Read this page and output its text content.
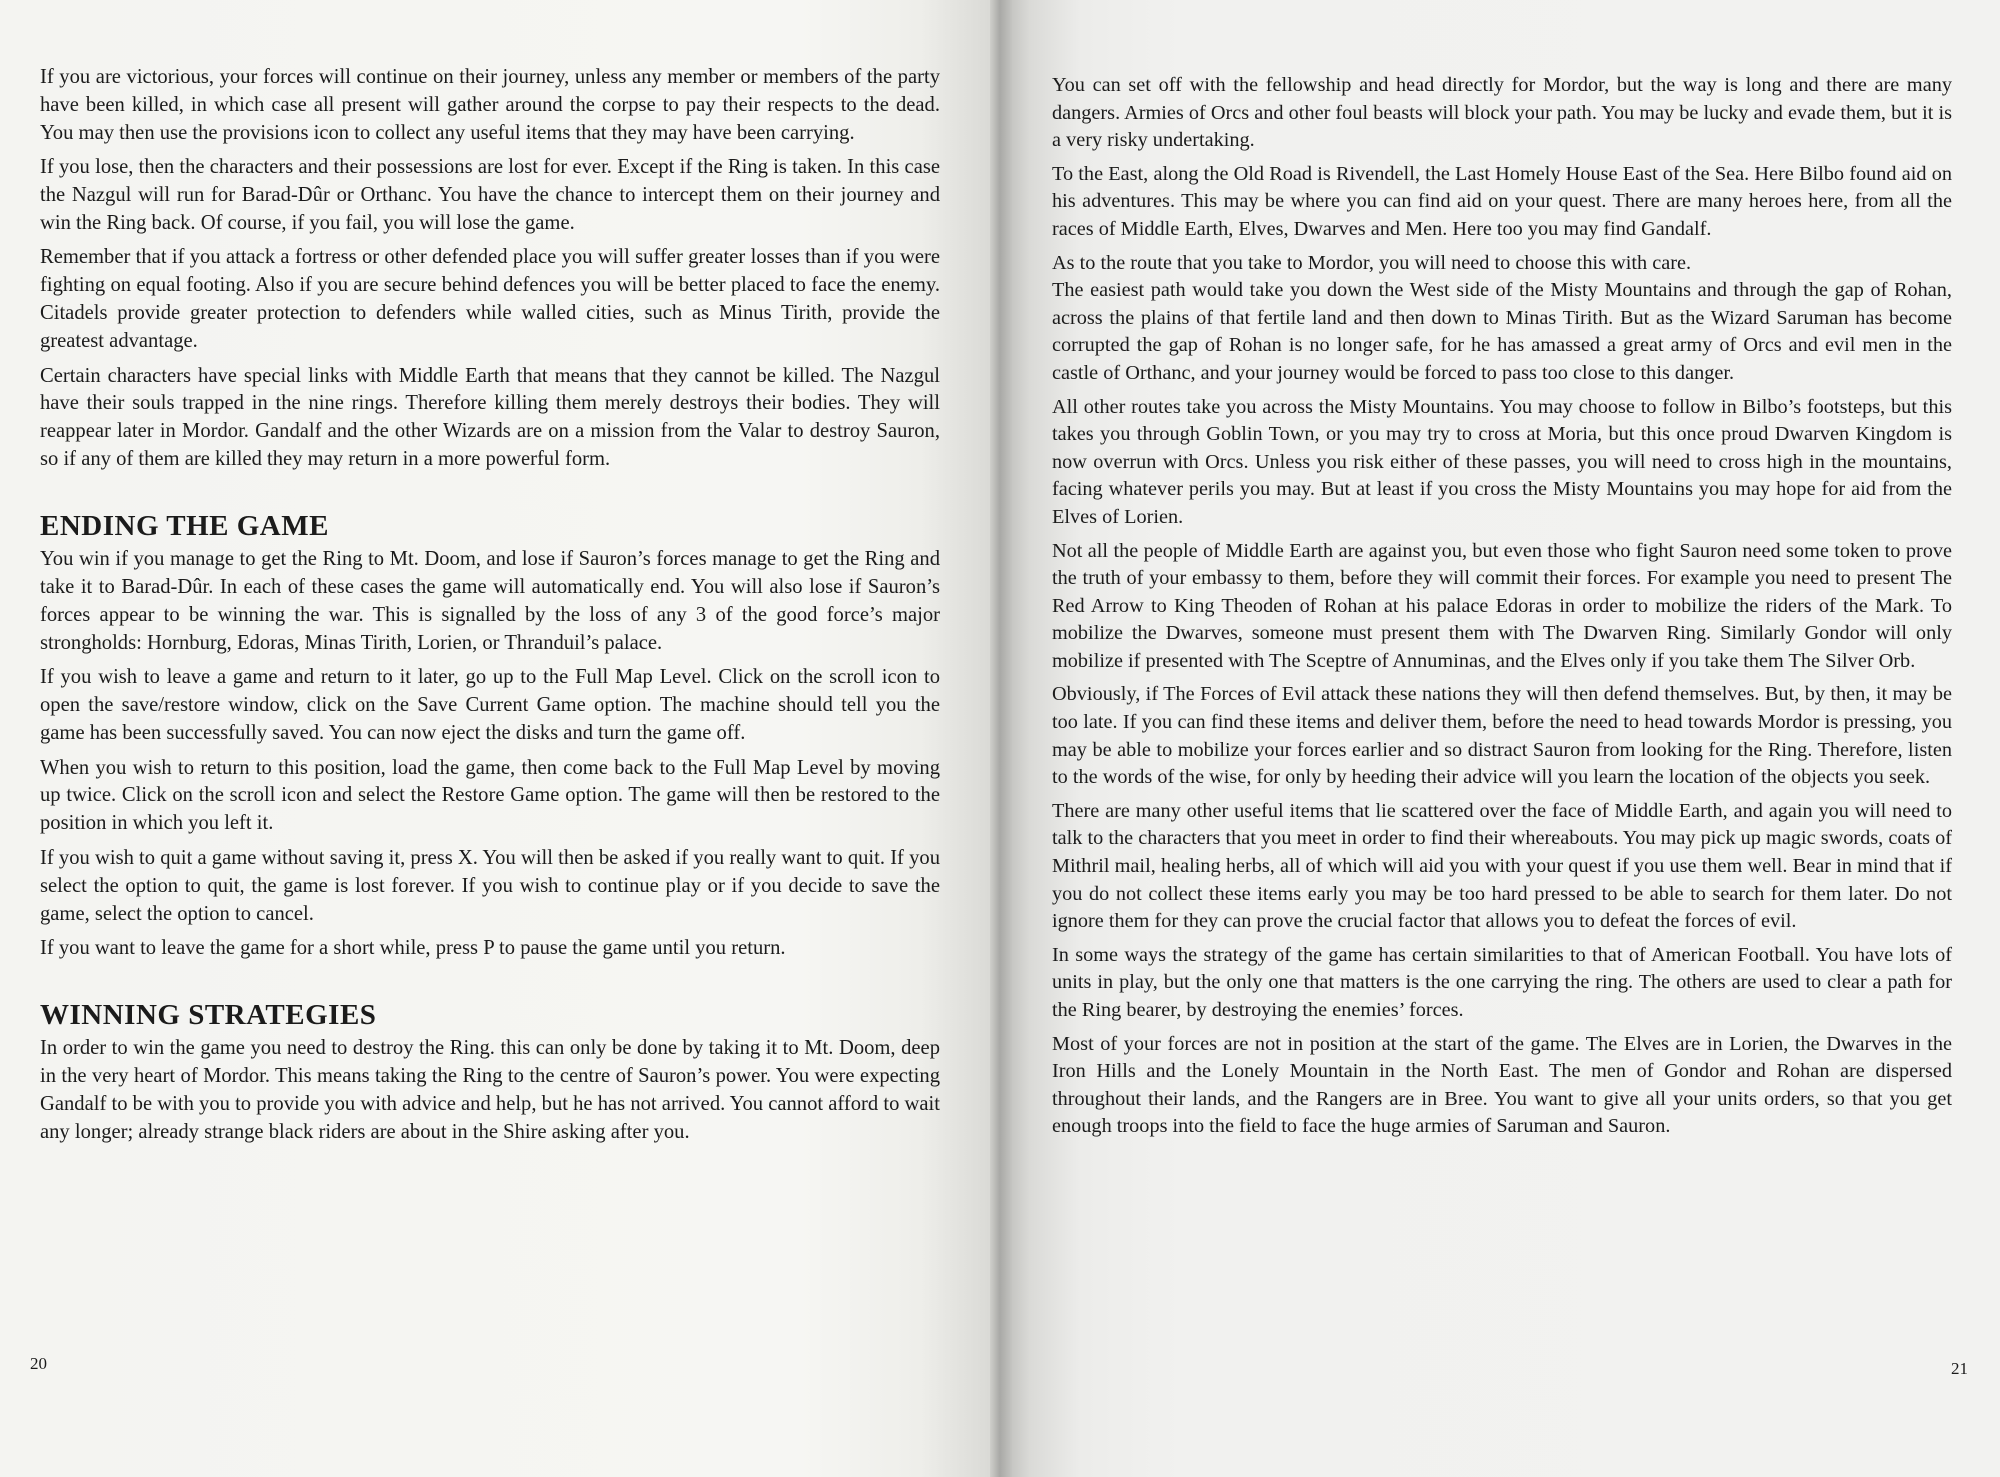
If you are victorious, your forces will continue on their journey, unless any member or members of the party have been killed, in which case all present will gather around the corpse to pay their respects to the dead. You may then use the provisions icon to collect any useful items that they may have been carrying.

If you lose, then the characters and their possessions are lost for ever. Except if the Ring is taken. In this case the Nazgul will run for Barad-Dûr or Orthanc. You have the chance to intercept them on their journey and win the Ring back. Of course, if you fail, you will lose the game.

Remember that if you attack a fortress or other defended place you will suffer greater losses than if you were fighting on equal footing. Also if you are secure behind defences you will be better placed to face the enemy. Citadels provide greater protection to defenders while walled cities, such as Minus Tirith, provide the greatest advantage.

Certain characters have special links with Middle Earth that means that they cannot be killed. The Nazgul have their souls trapped in the nine rings. Therefore killing them merely destroys their bodies. They will reappear later in Mordor. Gandalf and the other Wizards are on a mission from the Valar to destroy Sauron, so if any of them are killed they may return in a more powerful form.

ENDING THE GAME

You win if you manage to get the Ring to Mt. Doom, and lose if Sauron’s forces manage to get the Ring and take it to Barad-Dûr. In each of these cases the game will automatically end. You will also lose if Sauron’s forces appear to be winning the war. This is signalled by the loss of any 3 of the good force’s major strongholds: Hornburg, Edoras, Minas Tirith, Lorien, or Thranduil’s palace.

If you wish to leave a game and return to it later, go up to the Full Map Level. Click on the scroll icon to open the save/restore window, click on the Save Current Game option. The machine should tell you the game has been successfully saved. You can now eject the disks and turn the game off.

When you wish to return to this position, load the game, then come back to the Full Map Level by moving up twice. Click on the scroll icon and select the Restore Game option. The game will then be restored to the position in which you left it.

If you wish to quit a game without saving it, press X. You will then be asked if you really want to quit. If you select the option to quit, the game is lost forever. If you wish to continue play or if you decide to save the game, select the option to cancel.

If you want to leave the game for a short while, press P to pause the game until you return.

WINNING STRATEGIES

In order to win the game you need to destroy the Ring. this can only be done by taking it to Mt. Doom, deep in the very heart of Mordor. This means taking the Ring to the centre of Sauron’s power. You were expecting Gandalf to be with you to provide you with advice and help, but he has not arrived. You cannot afford to wait any longer; already strange black riders are about in the Shire asking after you.

20

You can set off with the fellowship and head directly for Mordor, but the way is long and there are many dangers. Armies of Orcs and other foul beasts will block your path. You may be lucky and evade them, but it is a very risky undertaking.

To the East, along the Old Road is Rivendell, the Last Homely House East of the Sea. Here Bilbo found aid on his adventures. This may be where you can find aid on your quest. There are many heroes here, from all the races of Middle Earth, Elves, Dwarves and Men. Here too you may find Gandalf.

As to the route that you take to Mordor, you will need to choose this with care.

The easiest path would take you down the West side of the Misty Mountains and through the gap of Rohan, across the plains of that fertile land and then down to Minas Tirith. But as the Wizard Saruman has become corrupted the gap of Rohan is no longer safe, for he has amassed a great army of Orcs and evil men in the castle of Orthanc, and your journey would be forced to pass too close to this danger.

All other routes take you across the Misty Mountains. You may choose to follow in Bilbo’s footsteps, but this takes you through Goblin Town, or you may try to cross at Moria, but this once proud Dwarven Kingdom is now overrun with Orcs. Unless you risk either of these passes, you will need to cross high in the mountains, facing whatever perils you may. But at least if you cross the Misty Mountains you may hope for aid from the Elves of Lorien.

Not all the people of Middle Earth are against you, but even those who fight Sauron need some token to prove the truth of your embassy to them, before they will commit their forces. For example you need to present The Red Arrow to King Theoden of Rohan at his palace Edoras in order to mobilize the riders of the Mark. To mobilize the Dwarves, someone must present them with The Dwarven Ring. Similarly Gondor will only mobilize if presented with The Sceptre of Annuminas, and the Elves only if you take them The Silver Orb.

Obviously, if The Forces of Evil attack these nations they will then defend themselves. But, by then, it may be too late. If you can find these items and deliver them, before the need to head towards Mordor is pressing, you may be able to mobilize your forces earlier and so distract Sauron from looking for the Ring. Therefore, listen to the words of the wise, for only by heeding their advice will you learn the location of the objects you seek.

There are many other useful items that lie scattered over the face of Middle Earth, and again you will need to talk to the characters that you meet in order to find their whereabouts. You may pick up magic swords, coats of Mithril mail, healing herbs, all of which will aid you with your quest if you use them well. Bear in mind that if you do not collect these items early you may be too hard pressed to be able to search for them later. Do not ignore them for they can prove the crucial factor that allows you to defeat the forces of evil.

In some ways the strategy of the game has certain similarities to that of American Football. You have lots of units in play, but the only one that matters is the one carrying the ring. The others are used to clear a path for the Ring bearer, by destroying the enemies’ forces.

Most of your forces are not in position at the start of the game. The Elves are in Lorien, the Dwarves in the Iron Hills and the Lonely Mountain in the North East. The men of Gondor and Rohan are dispersed throughout their lands, and the Rangers are in Bree. You want to give all your units orders, so that you get enough troops into the field to face the huge armies of Saruman and Sauron.

21
